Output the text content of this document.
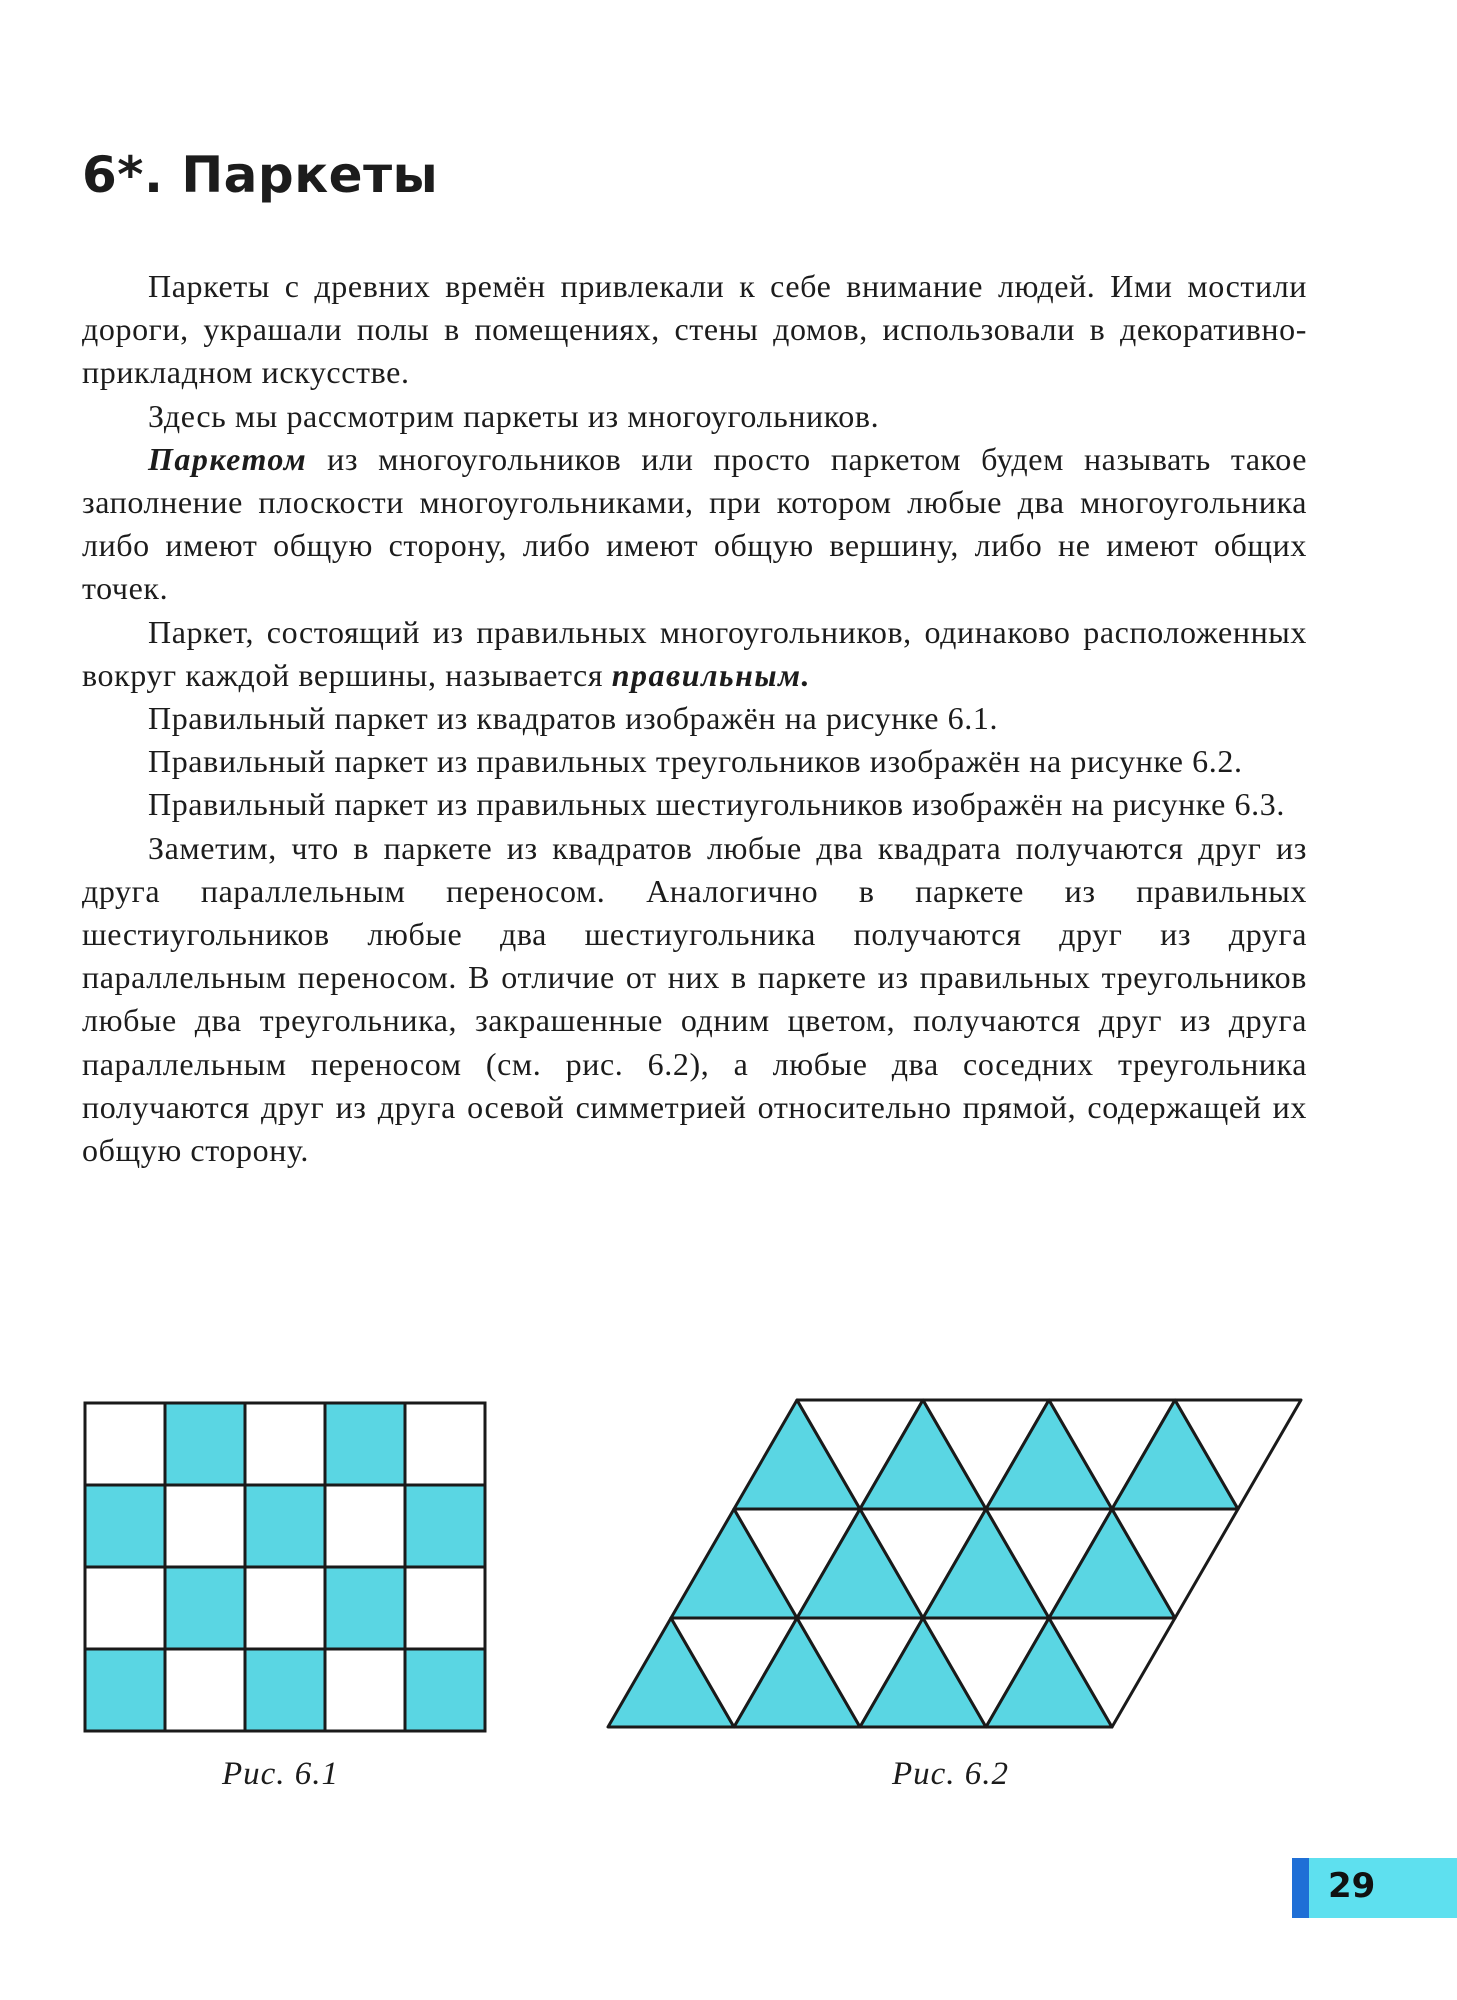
6*. Паркеты

Паркеты с древних времён привлекали к себе внимание людей. Ими мостили дороги, украшали полы в помещениях, стены домов, использовали в декоративно-прикладном искусстве.

Здесь мы рассмотрим паркеты из многоугольников.

Паркетом из многоугольников или просто паркетом будем называть такое заполнение плоскости многоугольниками, при котором любые два многоугольника либо имеют общую сторону, либо имеют общую вершину, либо не имеют общих точек.

Паркет, состоящий из правильных многоугольников, одинаково расположенных вокруг каждой вершины, называется правильным.

Правильный паркет из квадратов изображён на рисунке 6.1.

Правильный паркет из правильных треугольников изображён на рисунке 6.2.

Правильный паркет из правильных шестиугольников изображён на рисунке 6.3.

Заметим, что в паркете из квадратов любые два квадрата получаются друг из друга параллельным переносом. Аналогично в паркете из правильных шестиугольников любые два шестиугольника получаются друг из друга параллельным переносом. В отличие от них в паркете из правильных треугольников любые два треугольника, закрашенные одним цветом, получаются друг из друга параллельным переносом (см. рис. 6.2), а любые два соседних треугольника получаются друг из друга осевой симметрией относительно прямой, содержащей их общую сторону.

Рис. 6.1	Рис. 6.2
29
